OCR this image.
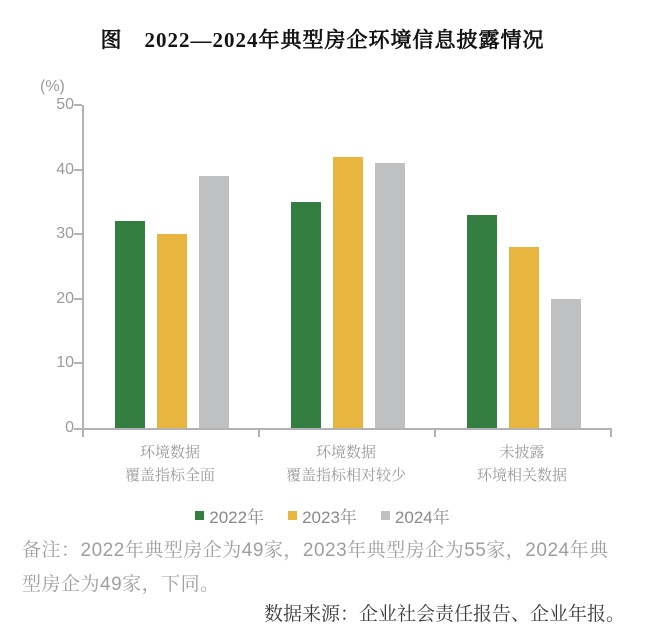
图　2022—2024年典型房企环境信息披露情况
(%)
50
40
30
20
10
0
环境数据
覆盖指标全面
环境数据
覆盖指标相对较少
未披露
环境相关数据
2022年 2023年 2024年

备注：2022年典型房企为49家，2023年典型房企为55家，2024年典型房企为49家，下同。

数据来源：企业社会责任报告、企业年报。
